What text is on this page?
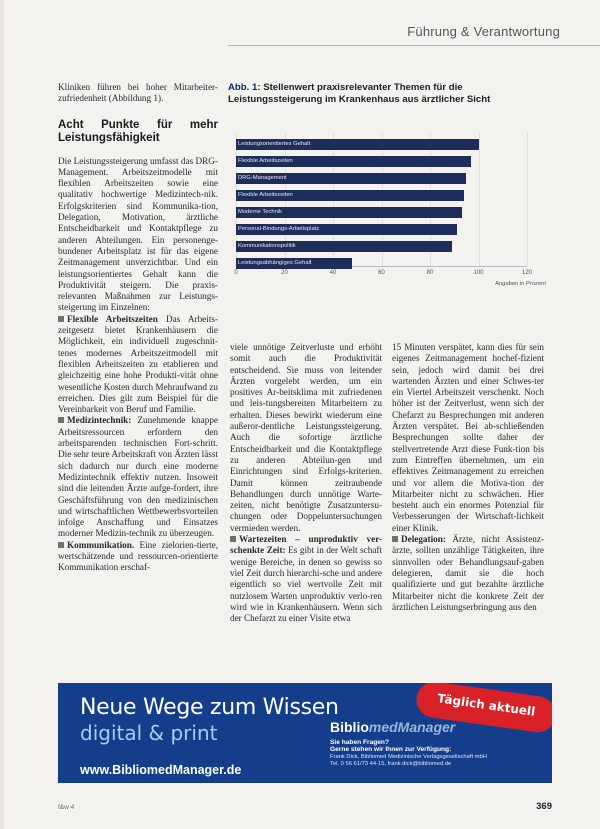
Führung & Verantwortung

Kliniken führen bei hoher Mitarbeiter-zufriedenheit (Abbildung 1).

Acht Punkte für mehr Leistungsfähigkeit

Die Leistungssteigerung umfasst das DRG-Management. Arbeitszeitmodelle mit flexiblen Arbeitszeiten sowie eine qualitativ hochwertige Medizintech-nik. Erfolgskriterien sind Kommunika-tion, Delegation, Motivation, ärztliche Entscheidbarkeit und Kontaktpflege zu anderen Abteilungen. Ein personenge-bundener Arbeitsplatz ist für das eigene Zeitmanagement unverzichtbar. Und ein leistungsorientiertes Gehalt kann die Produktivität steigern. Die praxis-relevanten Maßnahmen zur Leistungs-steigerung im Einzelnen:

Flexible Arbeitszeiten Das Arbeits-zeitgesetz bietet Krankenhäusern die Möglichkeit, ein individuell zugeschnit-tenes modernes Arbeitszeitmodell mit flexiblen Arbeitszeiten zu etablieren und gleichzeitig eine hohe Produkti-vität ohne wesentliche Kosten durch Mehraufwand zu erreichen. Dies gilt zum Beispiel für die Vereinbarkeit von Beruf und Familie.

Medizintechnik: Zunehmende knappe Arbeitsressourcen erfordern den arbeitsparenden technischen Fort-schritt. Die sehr teure Arbeitskraft von Ärzten lässt sich dadurch nur durch eine moderne Medizintechnik effektiv nutzen. Insoweit sind die leitenden Ärzte aufge-fordert, ihre Geschäftsführung von den medizinischen und wirtschaftlichen Wettbewerbsvorteilen infolge Anschaffung und Einsatzes moderner Medizin-technik zu überzeugen.

Kommunikation. Eine zielorien-tierte, wertschätzende und ressourcen-orientierte Kommunikation erschaf-

Abb. 1: Stellenwert praxisrelevanter Themen für die Leistungssteigerung im Krankenhaus aus ärztlicher Sicht
Angaben in Prozent
0	20	40	60	80	100	120
Leistungsorientiertes Gehalt
Flexible Arbeitszeiten
DRG-Management
Flexible Arbeitszeiten
Moderne Technik
Personal-Bindungs-Arbeitsplatz
Kommunikationspolitik
Leistungsabhängiges Gehalt

viele unnötige Zeitverluste und erhöht somit auch die Produktivität entscheidend. Sie muss von leitender Ärzten vorgelebt werden, um ein positives Ar-beitsklima mit zufriedenen und leis-tungsbereiten Mitarbeitern zu erhalten. Dieses bewirkt wiederum eine außeror-dentliche Leistungssteigerung. Auch die sofortige ärztliche Entscheidbarkeit und die Kontaktpflege zu anderen Abteilun-gen und Einrichtungen sind Erfolgs-kriterien. Damit können zeitraubende Behandlungen durch unnötige Warte-zeiten, nicht benötigte Zusatzuntersu-chungen oder Doppeluntersuchungen vermieden werden.

Wartezeiten – unproduktiv ver-schenkte Zeit: Es gibt in der Welt schaft wenige Bereiche, in denen so gewiss so viel Zeit durch hierarchi-sche und andere eigentlich so viel wertvolle Zeit mit nutzlosem Warten unproduktiv verlo-ren wird wie in Krankenhäusern. Wenn sich der Chefarzt zu einer Visite etwa

15 Minuten verspätet, kann dies für sein eigenes Zeitmanagement hochef-fizient sein, jedoch wird damit bei drei wartenden Ärzten und einer Schwes-ter ein Viertel Arbeitszeit verschenkt. Noch höher ist der Zeitverlust, wenn sich der Chefarzt zu Besprechungen mit anderen Ärzten verspätet. Bei ab-schließenden Besprechungen sollte daher der stellvertretende Arzt diese Funk-tion bis zum Eintreffen übernehmen, um ein effektives Zeitmanagement zu erreichen und vor allem die Motiva-tion der Mitarbeiter nicht zu schwächen. Hier besteht auch ein enormes Potenzial für Verbesserungen der Wirtschaft-lichkeit einer Klinik.

Delegation: Ärzte, nicht Assistenz-ärzte, sollten unzählige Tätigkeiten, ihre sinnvollen oder Behandlungsauf-gaben delegieren, damit sie die hoch qualifizierte und gut bezahlte ärztliche Mitarbeiter nicht die konkrete Zeit der ärztlichen Leistungserbringung aus den

Neue Wege zum Wissen
digital & print
Täglich aktuell
BibliomedManager
Sie haben Fragen?
Gerne stehen wir Ihnen zur Verfügung:
Frank Dick, Bibliomed Medizinische Verlagsgesellschaft mbH
Tel. 0 56 61/73 44-15, frank.dick@bibliomed.de
www.BibliomedManager.de
f&w 4	369
